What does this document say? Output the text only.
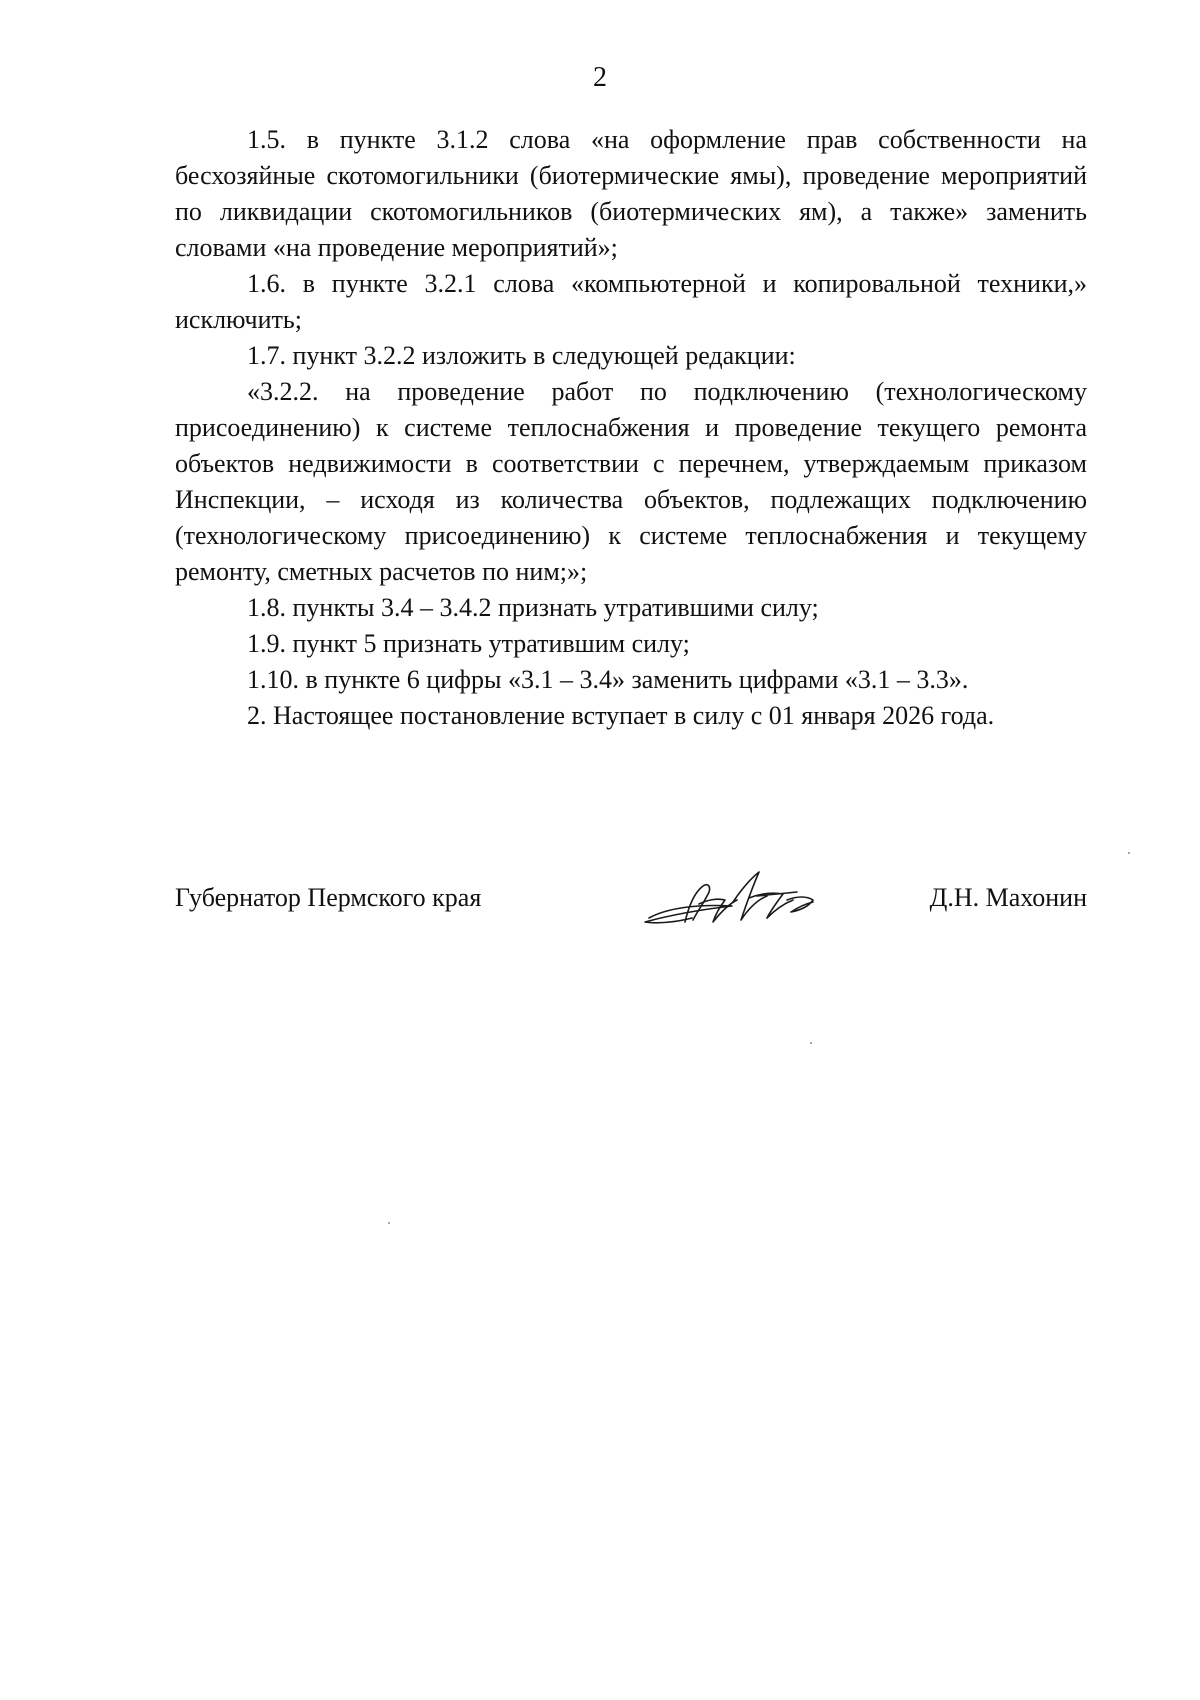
2

1.5. в пункте 3.1.2 слова «на оформление прав собственности на бесхозяйные скотомогильники (биотермические ямы), проведение мероприятий по ликвидации скотомогильников (биотермических ям), а также» заменить словами «на проведение мероприятий»;

1.6. в пункте 3.2.1 слова «компьютерной и копировальной техники,» исключить;

1.7. пункт 3.2.2 изложить в следующей редакции:

«3.2.2. на проведение работ по подключению (технологическому присоединению) к системе теплоснабжения и проведение текущего ремонта объектов недвижимости в соответствии с перечнем, утверждаемым приказом Инспекции, – исходя из количества объектов, подлежащих подключению (технологическому присоединению) к системе теплоснабжения и текущему ремонту, сметных расчетов по ним;»;

1.8. пункты 3.4 – 3.4.2 признать утратившими силу;

1.9. пункт 5 признать утратившим силу;

1.10. в пункте 6 цифры «3.1 – 3.4» заменить цифрами «3.1 – 3.3».

2. Настоящее постановление вступает в силу с 01 января 2026 года.

Губернатор Пермского края	Д.Н. Махонин
